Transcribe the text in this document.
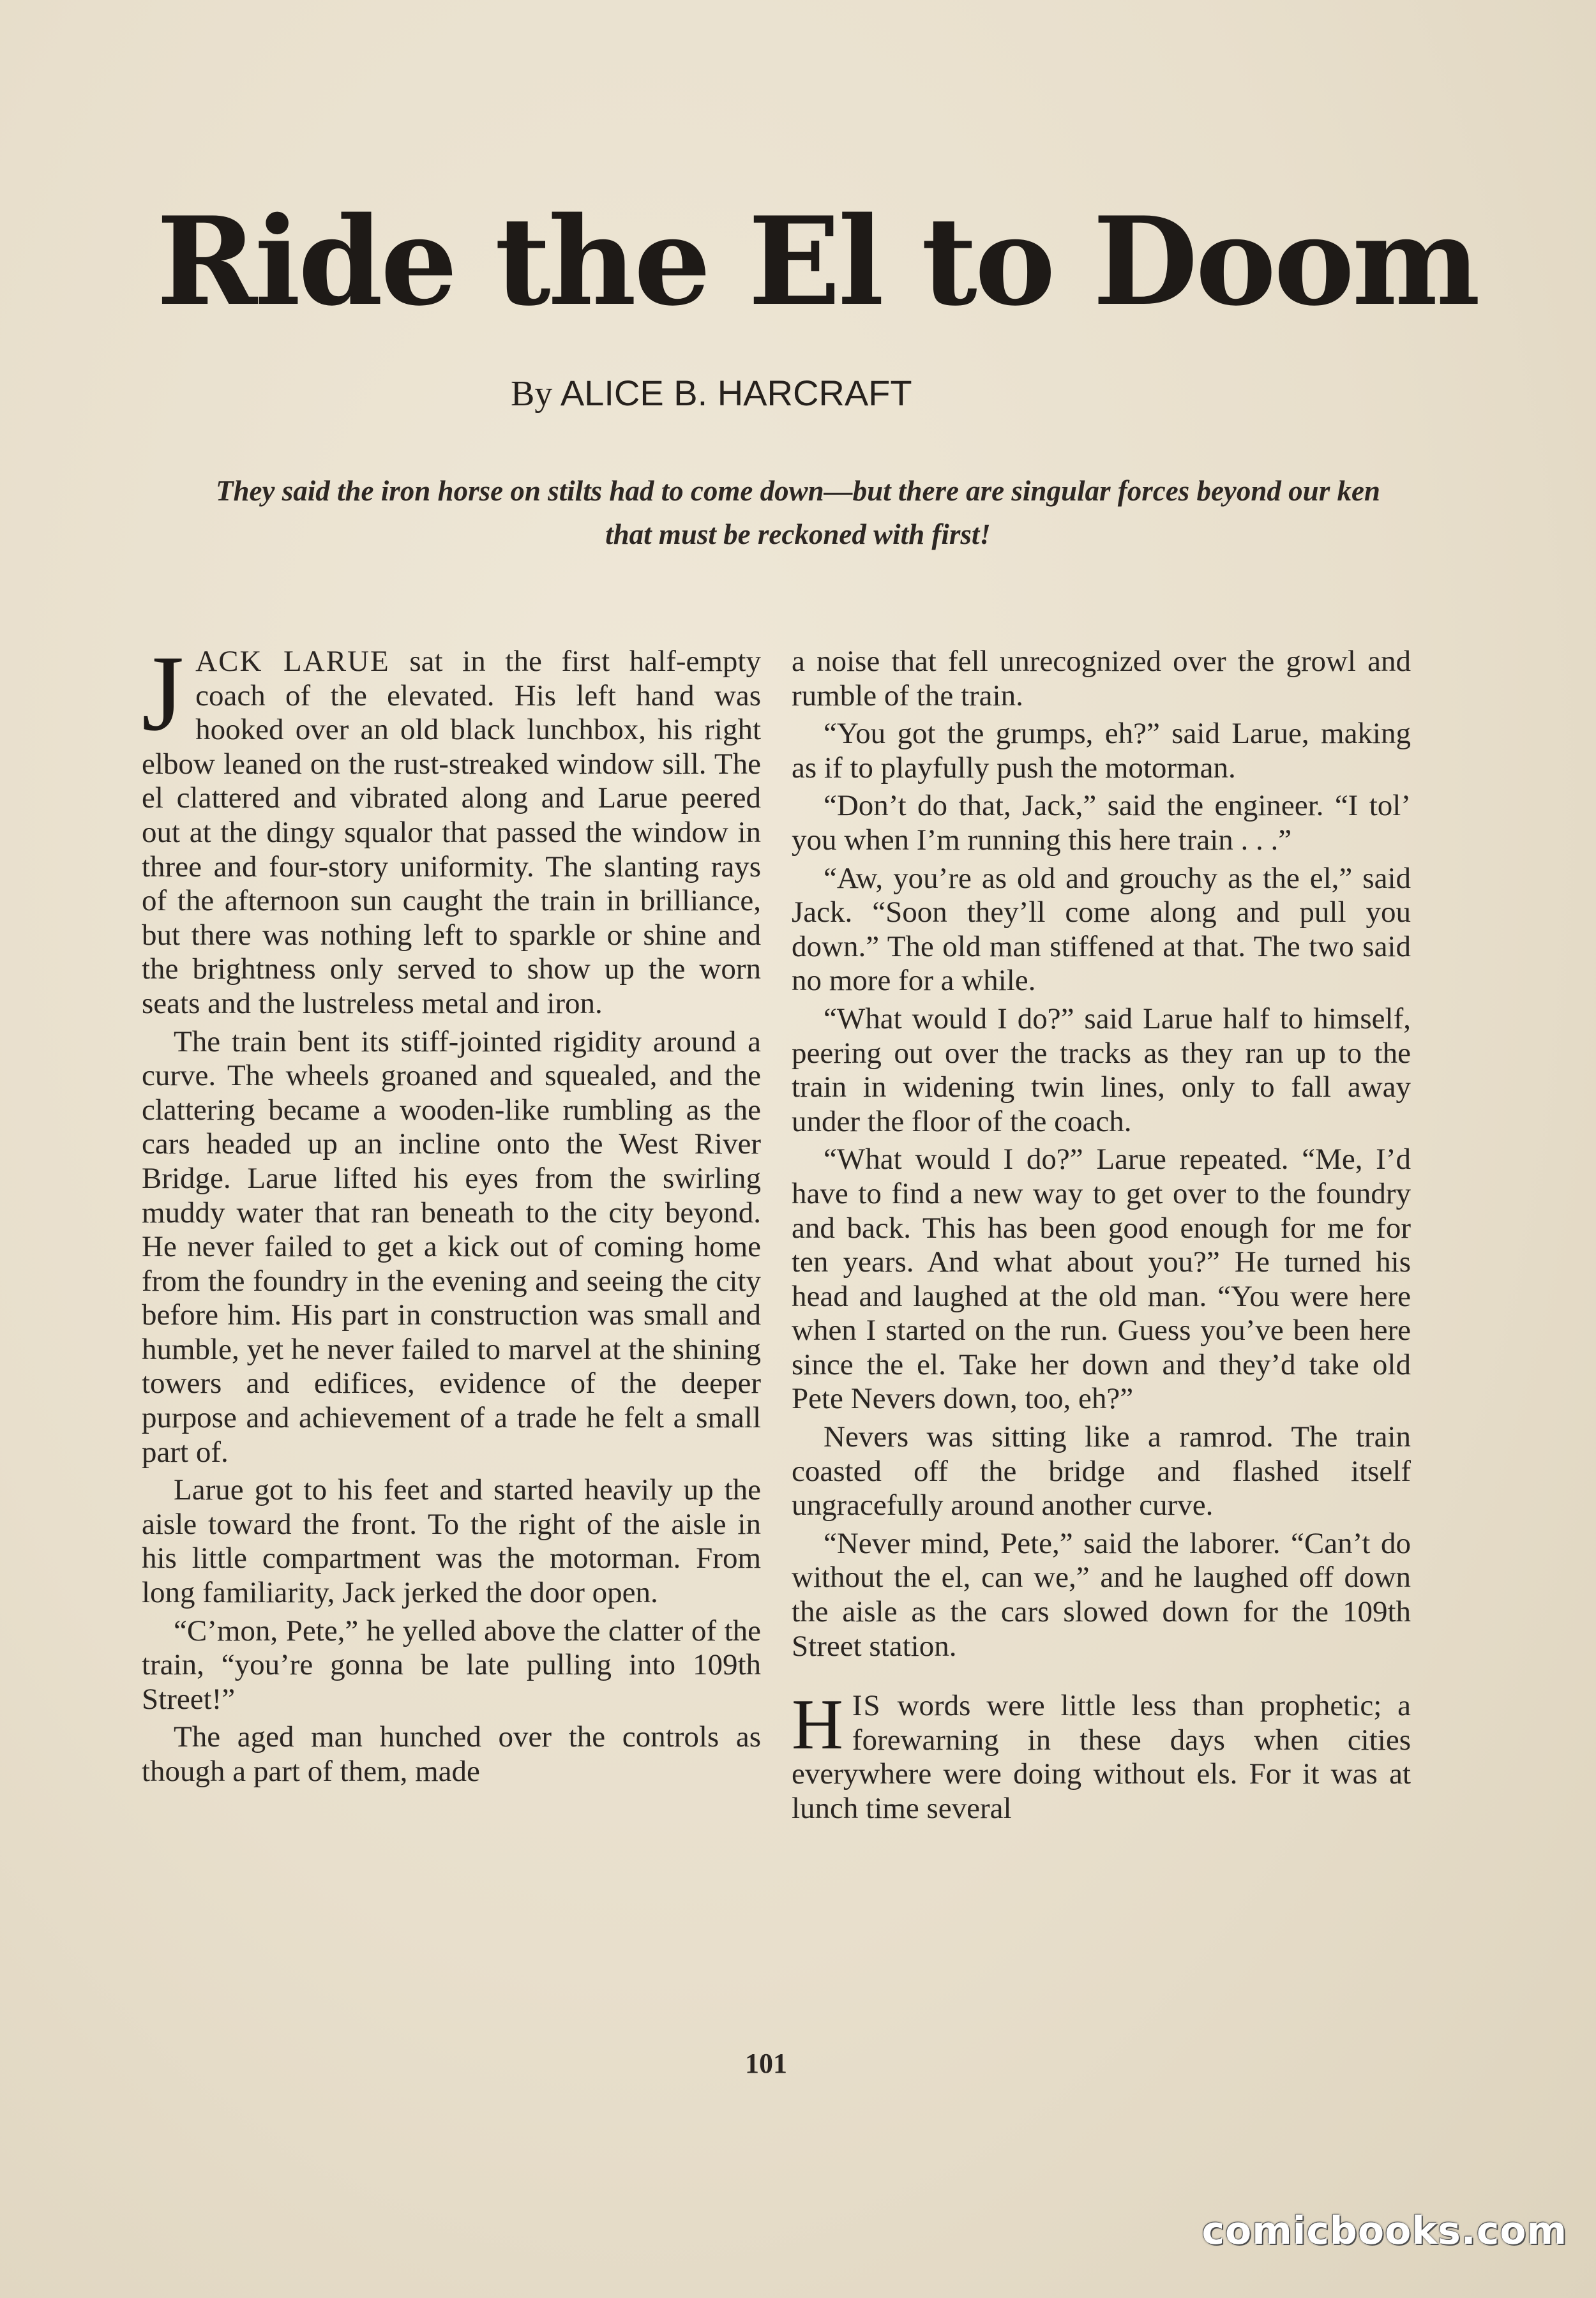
Ride the El to Doom
By ALICE B. HARCRAFT
They said the iron horse on stilts had to come down—but there are singular forces beyond our ken that must be reckoned with first!

JACK LARUE sat in the first half-empty coach of the elevated. His left hand was hooked over an old black lunchbox, his right elbow leaned on the rust-streaked window sill. The el clattered and vibrated along and Larue peered out at the dingy squalor that passed the window in three and four-story uniformity. The slanting rays of the afternoon sun caught the train in brilliance, but there was nothing left to sparkle or shine and the brightness only served to show up the worn seats and the lustreless metal and iron.

The train bent its stiff-jointed rigidity around a curve. The wheels groaned and squealed, and the clattering became a wooden-like rumbling as the cars headed up an incline onto the West River Bridge. Larue lifted his eyes from the swirling muddy water that ran beneath to the city beyond. He never failed to get a kick out of coming home from the foundry in the evening and seeing the city before him. His part in construction was small and humble, yet he never failed to marvel at the shining towers and edifices, evidence of the deeper purpose and achievement of a trade he felt a small part of.

Larue got to his feet and started heavily up the aisle toward the front. To the right of the aisle in his little compartment was the motorman. From long familiarity, Jack jerked the door open.

“C’mon, Pete,” he yelled above the clatter of the train, “you’re gonna be late pulling into 109th Street!”

The aged man hunched over the controls as though a part of them, made

a noise that fell unrecognized over the growl and rumble of the train.

“You got the grumps, eh?” said Larue, making as if to playfully push the motorman.

“Don’t do that, Jack,” said the engineer. “I tol’ you when I’m running this here train . . .”

“Aw, you’re as old and grouchy as the el,” said Jack. “Soon they’ll come along and pull you down.” The old man stiffened at that. The two said no more for a while.

“What would I do?” said Larue half to himself, peering out over the tracks as they ran up to the train in widening twin lines, only to fall away under the floor of the coach.

“What would I do?” Larue repeated. “Me, I’d have to find a new way to get over to the foundry and back. This has been good enough for me for ten years. And what about you?” He turned his head and laughed at the old man. “You were here when I started on the run. Guess you’ve been here since the el. Take her down and they’d take old Pete Nevers down, too, eh?”

Nevers was sitting like a ramrod. The train coasted off the bridge and flashed itself ungracefully around another curve.

“Never mind, Pete,” said the laborer. “Can’t do without the el, can we,” and he laughed off down the aisle as the cars slowed down for the 109th Street station.

HIS words were little less than prophetic; a forewarning in these days when cities everywhere were doing without els. For it was at lunch time several

101
comicbooks.com
